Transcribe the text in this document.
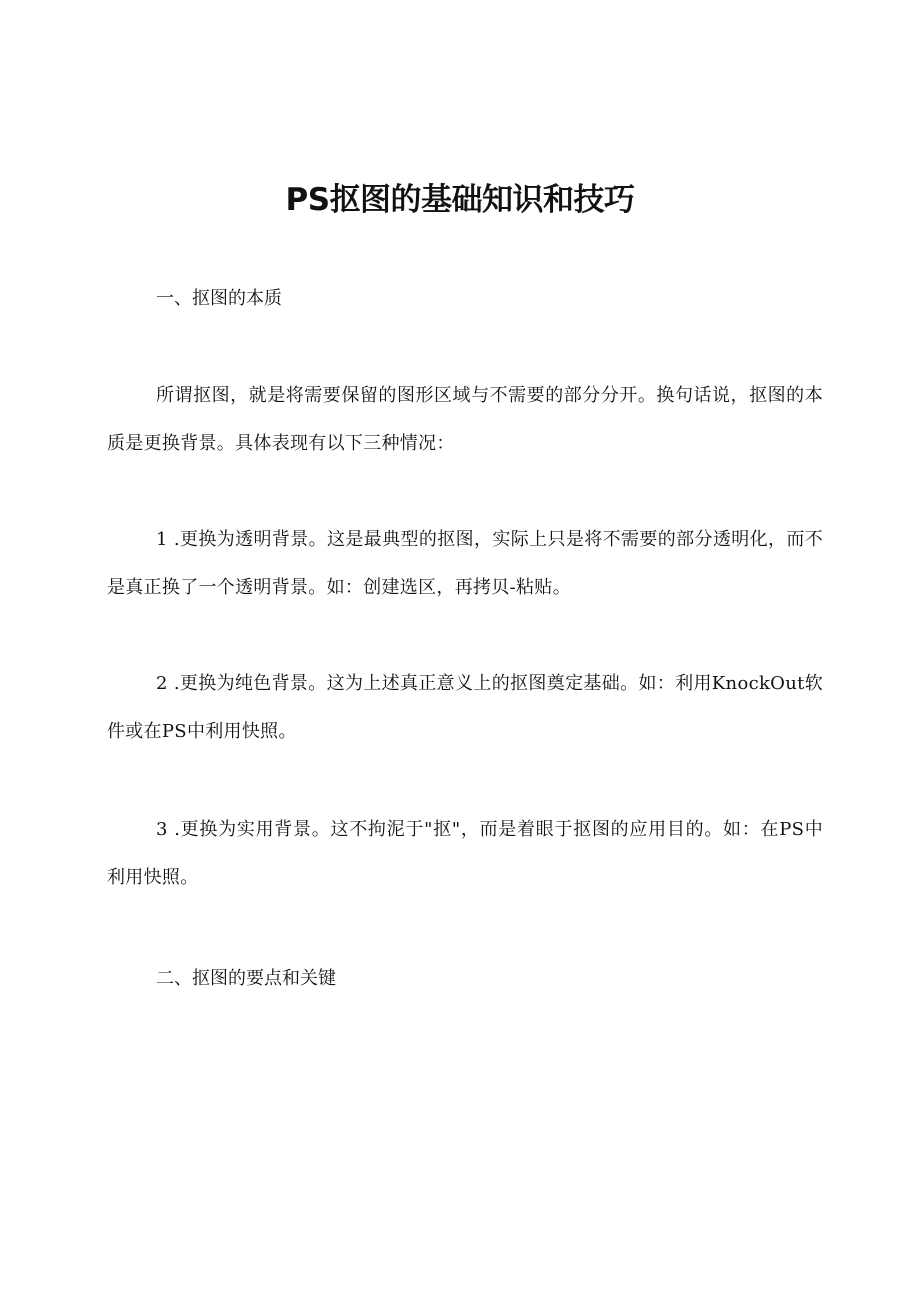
PS抠图的基础知识和技巧
一、抠图的本质

所谓抠图，就是将需要保留的图形区域与不需要的部分分开。换句话说，抠图的本质是更换背景。具体表现有以下三种情况：

1 .更换为透明背景。这是最典型的抠图，实际上只是将不需要的部分透明化，而不是真正换了一个透明背景。如：创建选区，再拷贝-粘贴。

2 .更换为纯色背景。这为上述真正意义上的抠图奠定基础。如：利用KnockOut软件或在PS中利用快照。

3 .更换为实用背景。这不拘泥于"抠"，而是着眼于抠图的应用目的。如：在PS中利用快照。

二、抠图的要点和关键
